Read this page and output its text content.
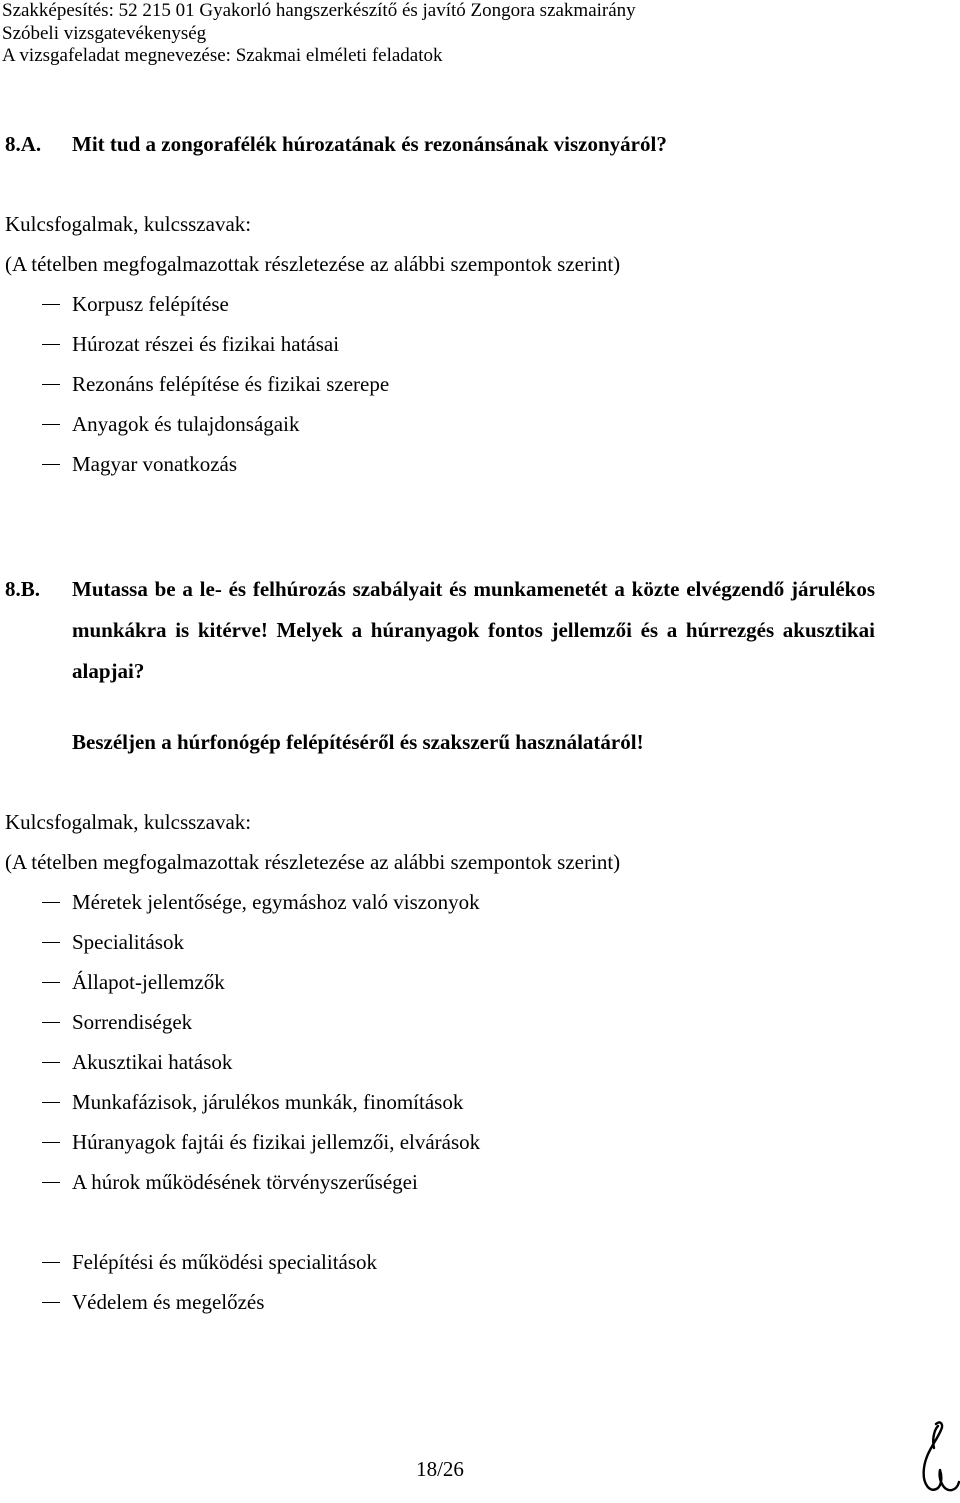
Szakképesítés: 52 215 01 Gyakorló hangszerkészítő és javító Zongora szakmairány
Szóbeli vizsgatevékenység
A vizsgafeladat megnevezése: Szakmai elméleti feladatok
8.A.	Mit tud a zongorafélék húrozatának és rezonánsának viszonyáról?
Kulcsfogalmak, kulcsszavak:
(A tételben megfogalmazottak részletezése az alábbi szempontok szerint)
Korpusz felépítése
Húrozat részei és fizikai hatásai
Rezonáns felépítése és fizikai szerepe
Anyagok és tulajdonságaik
Magyar vonatkozás
8.B.	Mutassa be a le- és felhúrozás szabályait és munkamenetét a közte elvégzendő járulékos munkákra is kitérve! Melyek a húranyagok fontos jellemzői és a húrrezgés akusztikai alapjai?
Beszéljen a húrfonógép felépítéséről és szakszerű használatáról!
Kulcsfogalmak, kulcsszavak:
(A tételben megfogalmazottak részletezése az alábbi szempontok szerint)
Méretek jelentősége, egymáshoz való viszonyok
Specialitások
Állapot-jellemzők
Sorrendiségek
Akusztikai hatások
Munkafázisok, járulékos munkák, finomítások
Húranyagok fajtái és fizikai jellemzői, elvárások
A húrok működésének törvényszerűségei
Felépítési és működési specialitások
Védelem és megelőzés
18/26
